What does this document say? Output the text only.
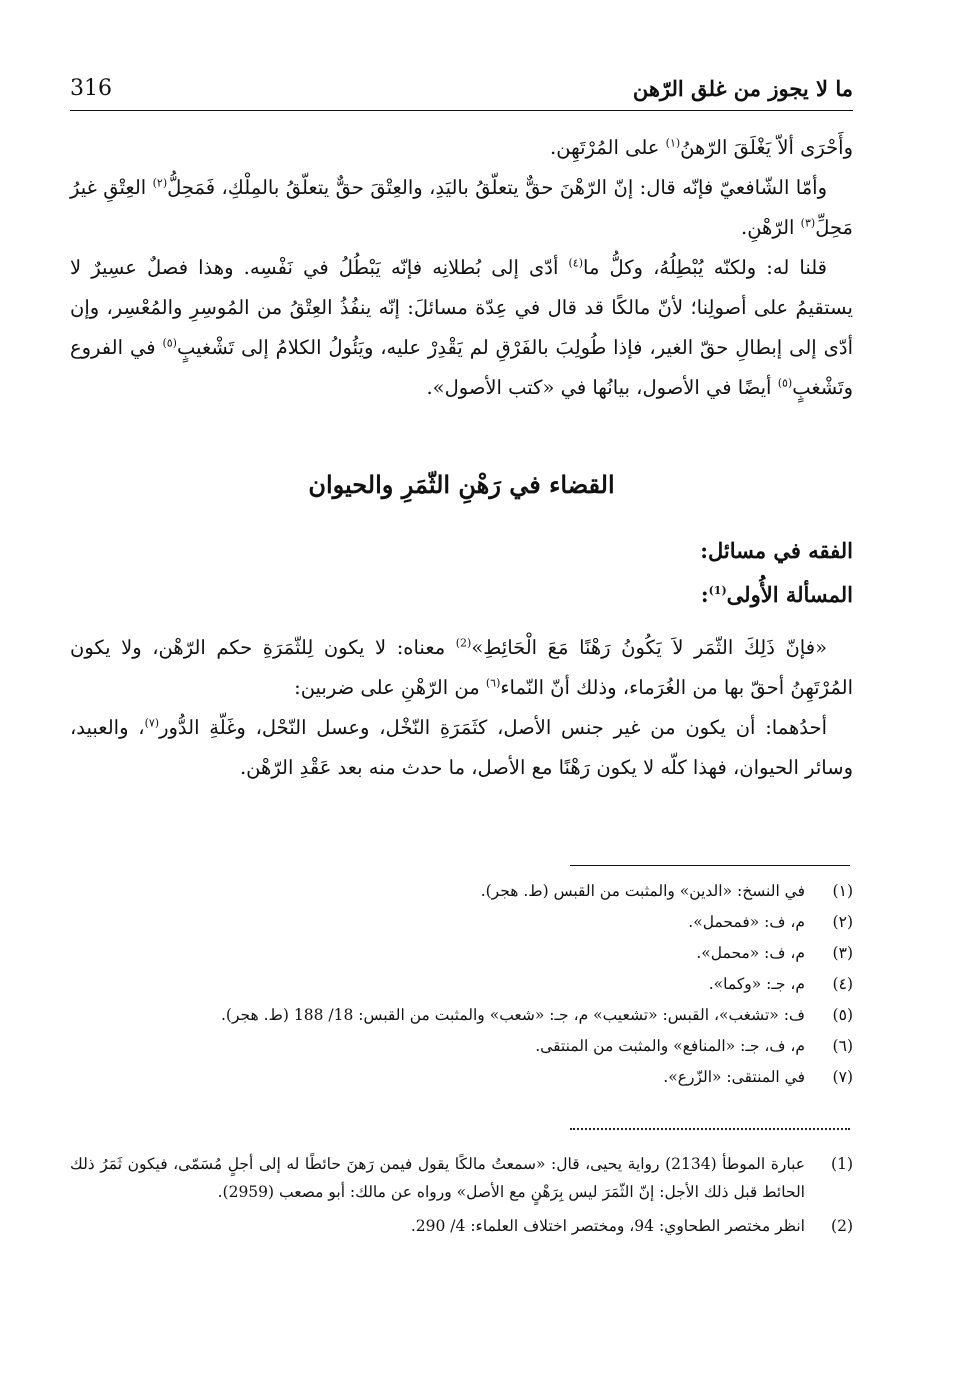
316	ما لا يجوز من غلق الرّهن

وأَحْرَى ألاّ يَغْلَقَ الرّهنُ$^{(١)}$ على المُرْتَهِن.

وأمّا الشّافعيّ فإنّه قال: إنّ الرّهْنَ حقٌّ يتعلّقُ باليَدِ، والعِتْقَ حقٌّ يتعلّقُ بالمِلْكِ، فَمَحِلُّ$^{(٢)}$ العِتْقِ غيرُ مَحِلِّ$^{(٣)}$ الرّهْنِ.

قلنا له: ولكنّه يُبْطِلُهُ، وكلُّ ما$^{(٤)}$ أدّى إلى بُطلانِه فإنّه يَبْطُلُ في نَفْسِه. وهذا فصلٌ عسِيرٌ لا يستقيمُ على أصولِنا؛ لأنّ مالكًا قد قال في عِدّة مسائلَ: إنّه ينفُذُ العِتْقُ من المُوسِرِ والمُعْسِر، وإن أدّى إلى إبطالِ حقّ الغير، فإذا طُولِبَ بالفَرْقِ لم يَقْدِرْ عليه، ويَئُولُ الكلامُ إلى تَشْغيبٍ$^{(٥)}$ في الفروع وتَشْغبٍ$^{(٥)}$ أيضًا في الأصول، بيانُها في «كتب الأصول».

القضاء في رَهْنِ الثّمَرِ والحيوان
الفقه في مسائل:
المسألة الأُولى$^{(1)}$:

«فإنّ ذَلِكَ الثّمَر لاَ يَكُونُ رَهْنًا مَعَ الْحَائِطِ»$^{(2)}$ معناه: لا يكون لِلثّمَرَةِ حكم الرّهْن، ولا يكون المُرْتَهِنُ أحقّ بها من الغُرَماء، وذلك أنّ النّماء$^{(٦)}$ من الرّهْنِ على ضربين:

أحدُهما: أن يكون من غير جنس الأصل، كثَمَرَةِ النّخْل، وعسل النّحْل، وغَلّةِ الدُّور$^{(٧)}$، والعبيد، وسائر الحيوان، فهذا كلّه لا يكون رَهْنًا مع الأصل، ما حدث منه بعد عَقْدِ الرّهْن.

(١)
في النسخ: «الدين» والمثبت من القبس (ط. هجر).
(٢)
م، ف: «فمحمل».
(٣)
م، ف: «محمل».
(٤)
م، جـ: «وكما».
(٥)
ف: «تشغب»، القبس: «تشعيب» م، جـ: «شعب» والمثبت من القبس: 18/ 188 (ط. هجر).
(٦)
م، ف، جـ: «المنافع» والمثبت من المنتقى.
(٧)
في المنتقى: «الزّرع».
(1)
عبارة الموطأ (2134) رواية يحيى، قال: «سمعتُ مالكًا يقول فيمن رَهنَ حائطًا له إلى أجلٍ مُسَمّى، فيكون ثَمَرُ ذلك الحائط قبل ذلك الأجل: إنّ الثّمَرَ ليس بِرَهْنٍ مع الأصل» ورواه عن مالك: أبو مصعب (2959).
(2)
انظر مختصر الطحاوي: 94، ومختصر اختلاف العلماء: 4/ 290.
